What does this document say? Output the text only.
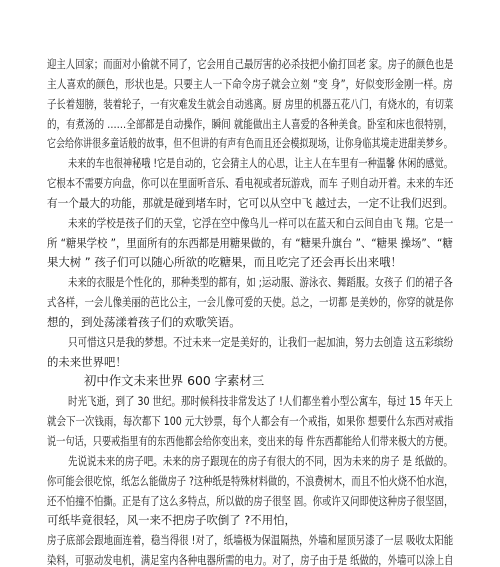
迎主人回家；而面对小偷就不同了，它会用自己最厉害的必杀技把小偷打回老 家。房子的颜色也是

主人喜欢的颜色，形状也是。只要主人一下命令房子就会立刻 “变 身”，好似变形金刚一样。房

子长着翅膀，装着轮子，一有灾难发生就会自动逃离。厨 房里的机器五花八门，有烧水的，有切菜

的，有煮汤的 ……全部都是自动操作，瞬间 就能做出主人喜爱的各种美食。卧室和床也很特别，

它会给你讲很多童话般的故事，但不但讲的有声有色而且还会模拟现场，让你身临其境走进甜美梦乡。

未来的车也很神秘哦 !它是自动的，它会猜主人的心思，让主人在车里有一种温馨 休闲的感觉。

它根本不需要方向盘，你可以在里面听音乐、看电视或者玩游戏，而车 子则自动开着。未来的车还

有一个最大的功能，那就是碰到堵车时，它可以从空中飞 越过去，一定不让我们迟到。

未来的学校是孩子们的天堂，它浮在空中像鸟儿一样可以在蓝天和白云间自由飞 翔。它是一

所 “糖果学校 ”，里面所有的东西都是用糖果做的，有 “糖果升旗台 ”、“糖果 操场”、“糖

果大树 ” 孩子们可以随心所欲的吃糖果，而且吃完了还会再长出来哦！

未来的衣服是个性化的，那种类型的都有，如 ;运动服、游泳衣、舞蹈服。女孩子 们的裙子各

式各样，一会儿像美丽的芭比公主，一会儿像可爱的天使。总之，一切都 是美妙的，你穿的就是你

想的，到处荡漾着孩子们的欢歌笑语。

只可惜这只是我的梦想。不过未来一定是美好的，让我们一起加油，努力去创造 这五彩缤纷

的未来世界吧！

初中作文未来世界 600 字素材三

时光飞逝，到了 30 世纪。那时候科技非常发达了 !人们都坐着小型公寓车，每过 15 年天上

就会下一次钱雨，每次都下 100 元大钞票，每个人都会有一个戒指，如果你 想要什么东西对戒指

说一句话，只要戒指里有的东西他都会给你变出来，变出来的每 件东西都能给人们带来极大的方便。

先说说未来的房子吧。未来的房子跟现在的房子有很大的不同，因为未来的房子 是 纸做的。

你可能会很吃惊，纸怎么能做房子 ?这种纸是特殊材料做的，不浪费树木，而且不怕火烧不怕水泡，

还不怕撞不怕撕。正是有了这么多特点，所以做的房子很坚 固。你或许又问即使这种房子很坚固，

可纸毕竟很轻，风一来不把房子吹倒了 ?不用怕，

房子底部会跟地面连着，稳当得很 !对了，纸墙极为保温隔热，外墙和屋顶另漆了一层 吸收太阳能

染料，可驱动发电机，满足室内各种电器所需的电力。对了，房子由于是 纸做的，外墙可以涂上自
